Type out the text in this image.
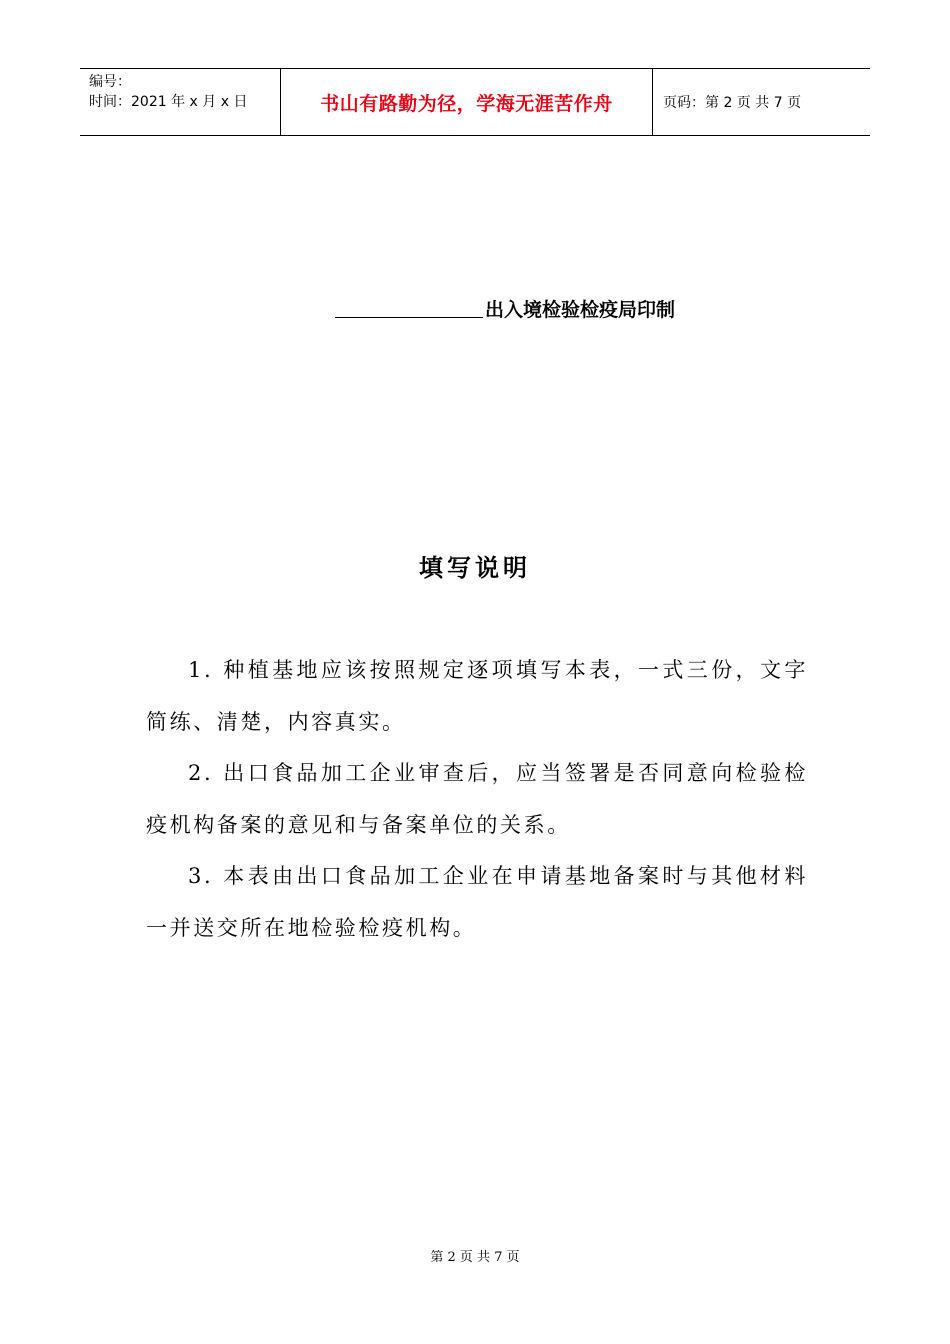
编号：
时间：2021 年 x 月 x 日	书山有路勤为径，学海无涯苦作舟	页码：第 2 页 共 7 页
出入境检验检疫局印制
填写说明
1. 种植基地应该按照规定逐项填写本表，一式三份，文字简练、清楚，内容真实。
2. 出口食品加工企业审查后，应当签署是否同意向检验检疫机构备案的意见和与备案单位的关系。
3. 本表由出口食品加工企业在申请基地备案时与其他材料一并送交所在地检验检疫机构。
第 2 页 共 7 页
